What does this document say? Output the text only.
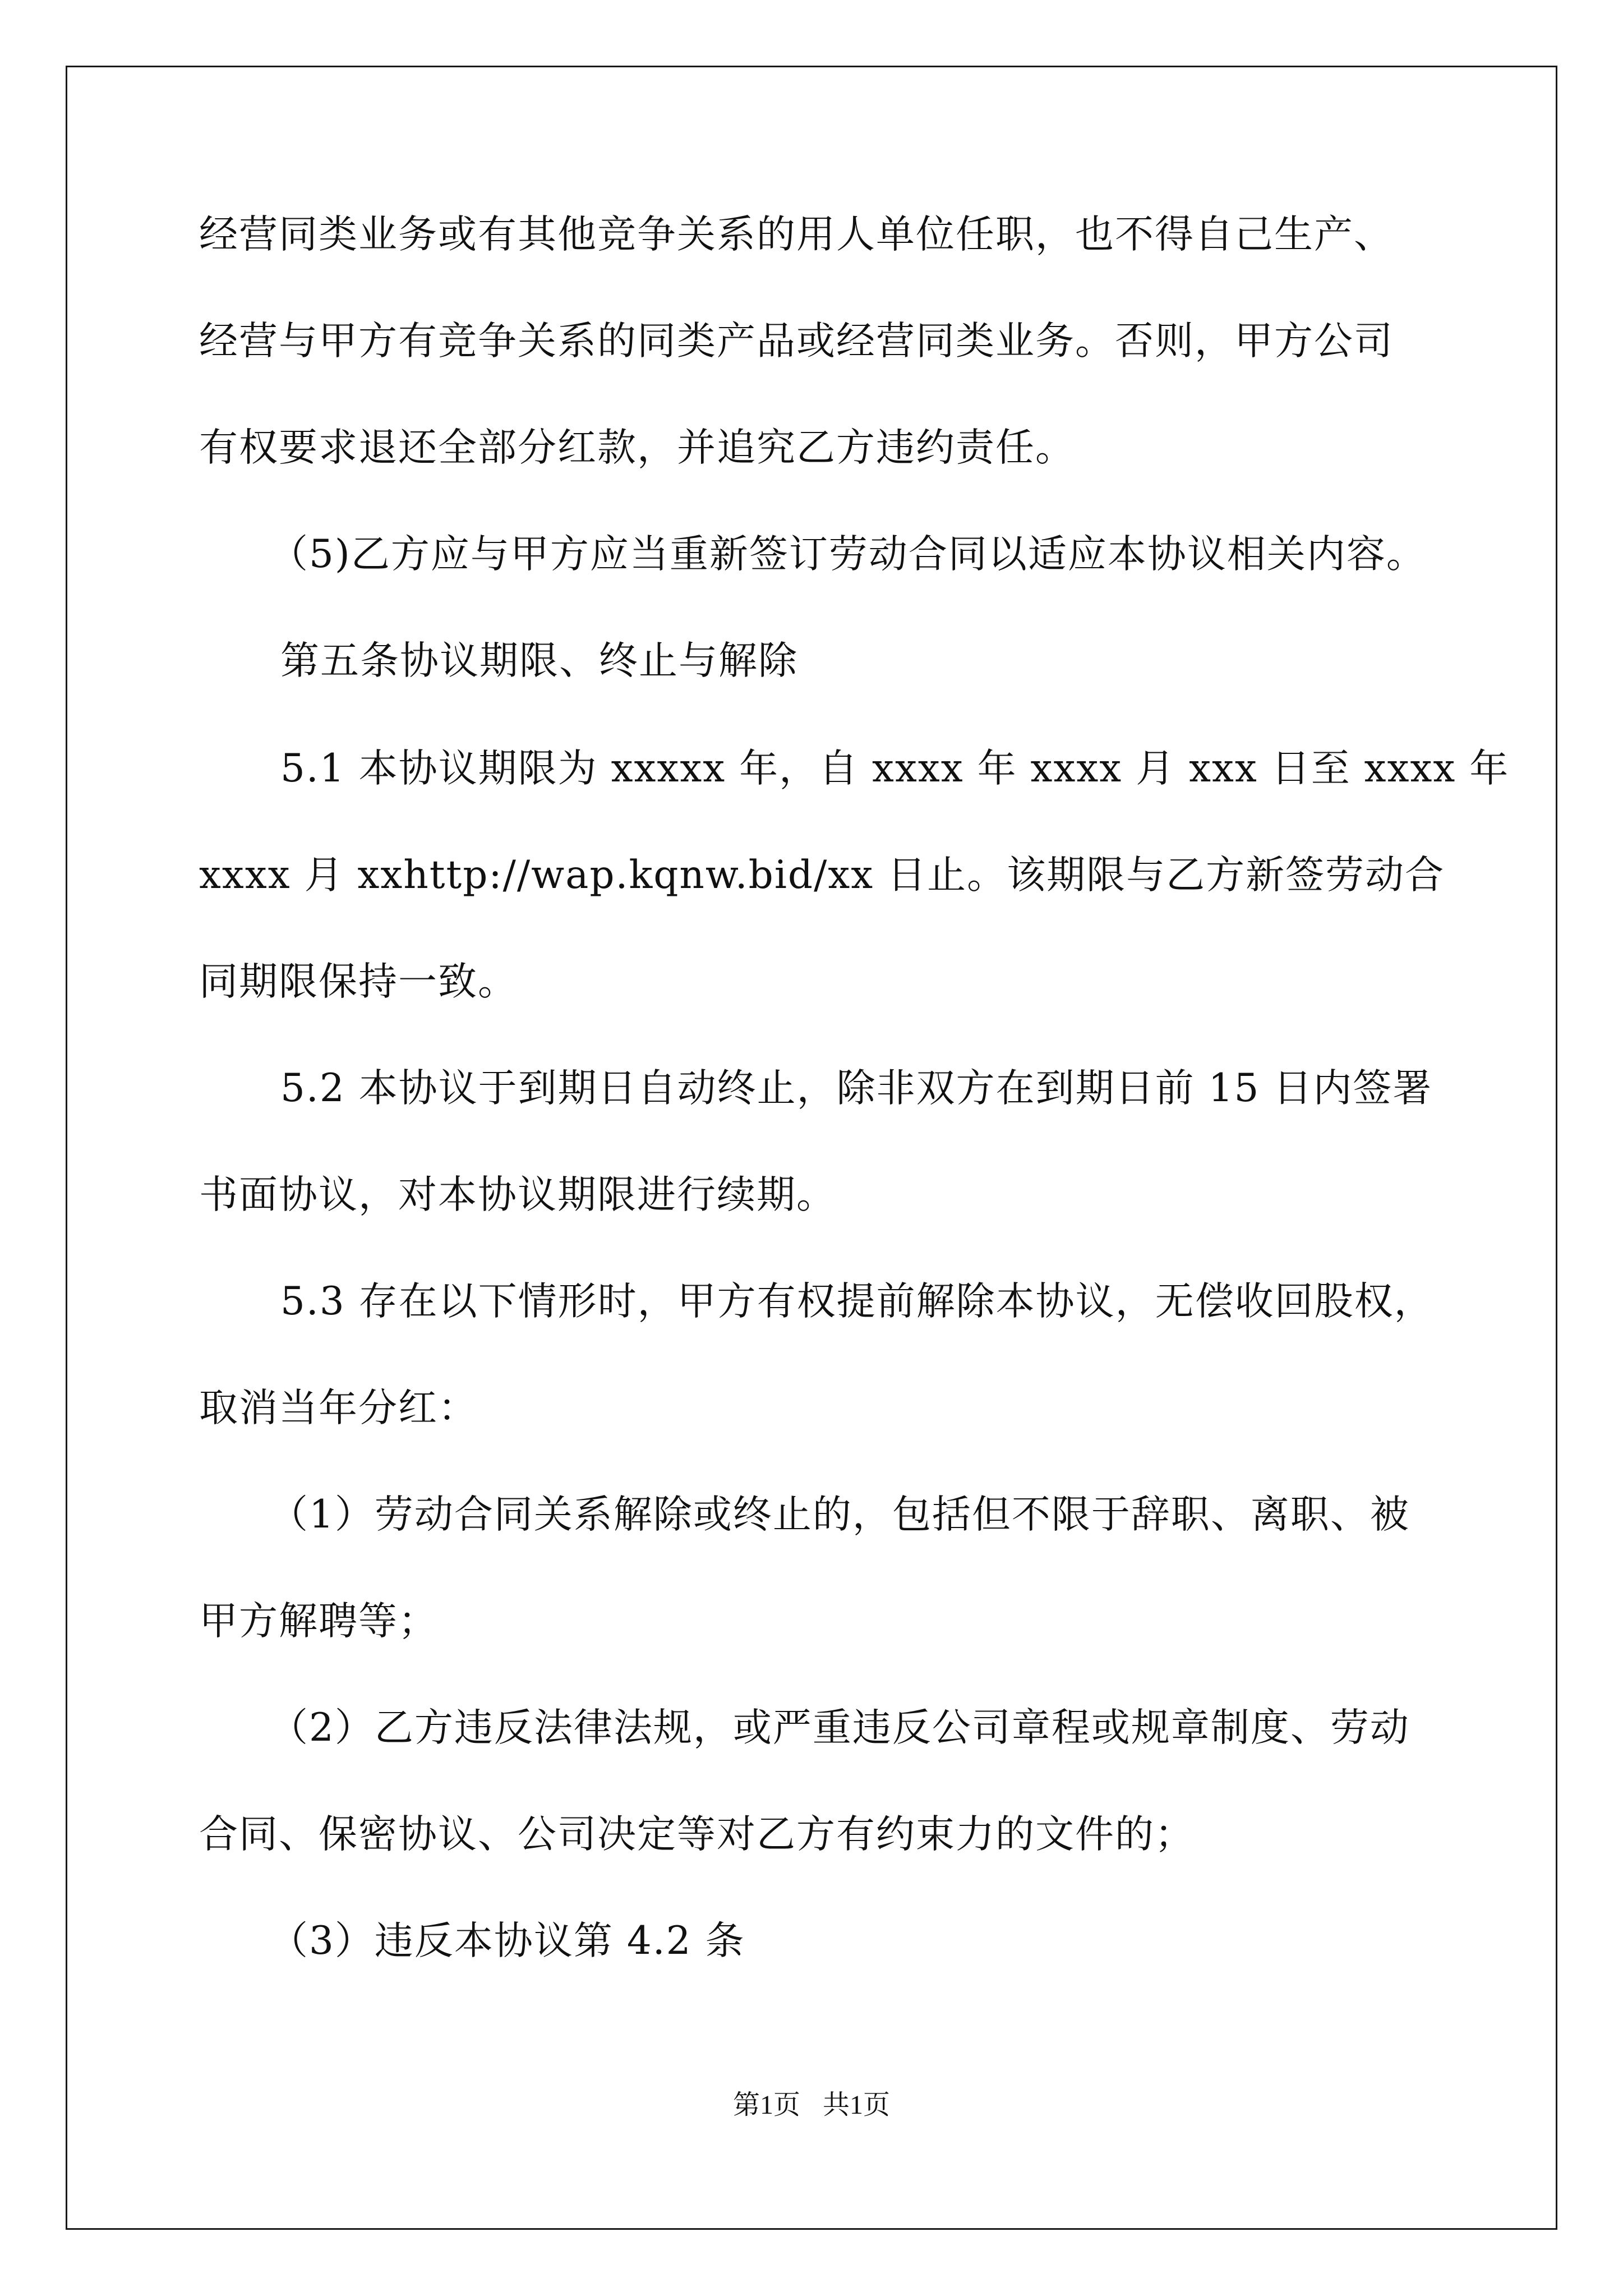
经营同类业务或有其他竞争关系的用人单位任职，也不得自己生产、
经营与甲方有竞争关系的同类产品或经营同类业务。否则，甲方公司
有权要求退还全部分红款，并追究乙方违约责任。
（5)乙方应与甲方应当重新签订劳动合同以适应本协议相关内容。
第五条协议期限、终止与解除
5.1 本协议期限为 xxxxx 年，自 xxxx 年 xxxx 月 xxx 日至 xxxx 年
xxxx 月 xxhttp://wap.kqnw.bid/xx 日止。该期限与乙方新签劳动合
同期限保持一致。
5.2 本协议于到期日自动终止，除非双方在到期日前 15 日内签署
书面协议，对本协议期限进行续期。
5.3 存在以下情形时，甲方有权提前解除本协议，无偿收回股权，
取消当年分红：
（1）劳动合同关系解除或终止的，包括但不限于辞职、离职、被
甲方解聘等；
（2）乙方违反法律法规，或严重违反公司章程或规章制度、劳动
合同、保密协议、公司决定等对乙方有约束力的文件的；
（3）违反本协议第 4.2 条
第1页 共1页
